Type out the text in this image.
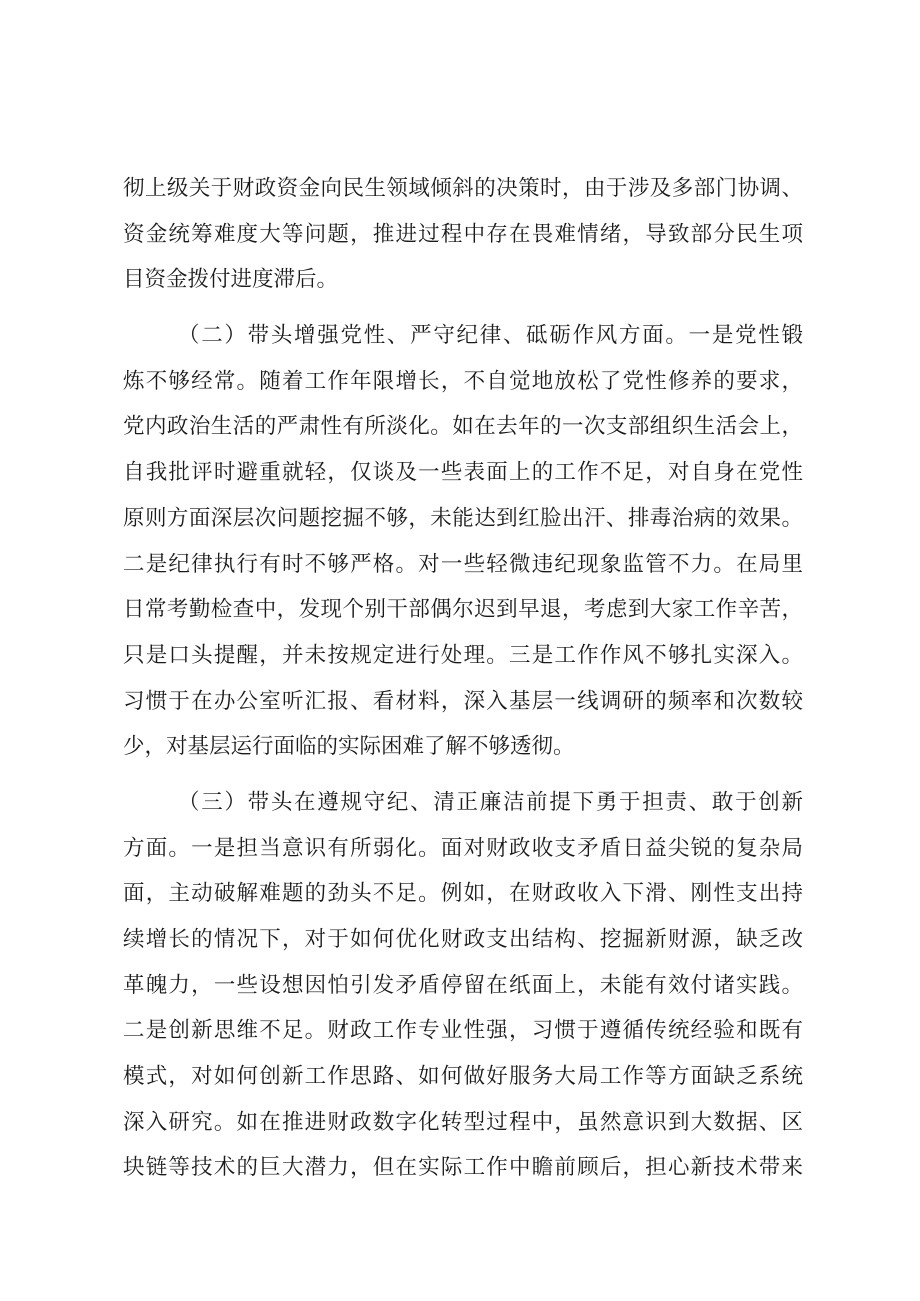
彻上级关于财政资金向民生领域倾斜的决策时，由于涉及多部门协调、
资金统筹难度大等问题，推进过程中存在畏难情绪，导致部分民生项
目资金拨付进度滞后。
（二）带头增强党性、严守纪律、砥砺作风方面。一是党性锻
炼不够经常。随着工作年限增长，不自觉地放松了党性修养的要求，
党内政治生活的严肃性有所淡化。如在去年的一次支部组织生活会上，
自我批评时避重就轻，仅谈及一些表面上的工作不足，对自身在党性
原则方面深层次问题挖掘不够，未能达到红脸出汗、排毒治病的效果。
二是纪律执行有时不够严格。对一些轻微违纪现象监管不力。在局里
日常考勤检查中，发现个别干部偶尔迟到早退，考虑到大家工作辛苦，
只是口头提醒，并未按规定进行处理。三是工作作风不够扎实深入。
习惯于在办公室听汇报、看材料，深入基层一线调研的频率和次数较
少，对基层运行面临的实际困难了解不够透彻。
（三）带头在遵规守纪、清正廉洁前提下勇于担责、敢于创新
方面。一是担当意识有所弱化。面对财政收支矛盾日益尖锐的复杂局
面，主动破解难题的劲头不足。例如，在财政收入下滑、刚性支出持
续增长的情况下，对于如何优化财政支出结构、挖掘新财源，缺乏改
革魄力，一些设想因怕引发矛盾停留在纸面上，未能有效付诸实践。
二是创新思维不足。财政工作专业性强，习惯于遵循传统经验和既有
模式，对如何创新工作思路、如何做好服务大局工作等方面缺乏系统
深入研究。如在推进财政数字化转型过程中，虽然意识到大数据、区
块链等技术的巨大潜力，但在实际工作中瞻前顾后，担心新技术带来
